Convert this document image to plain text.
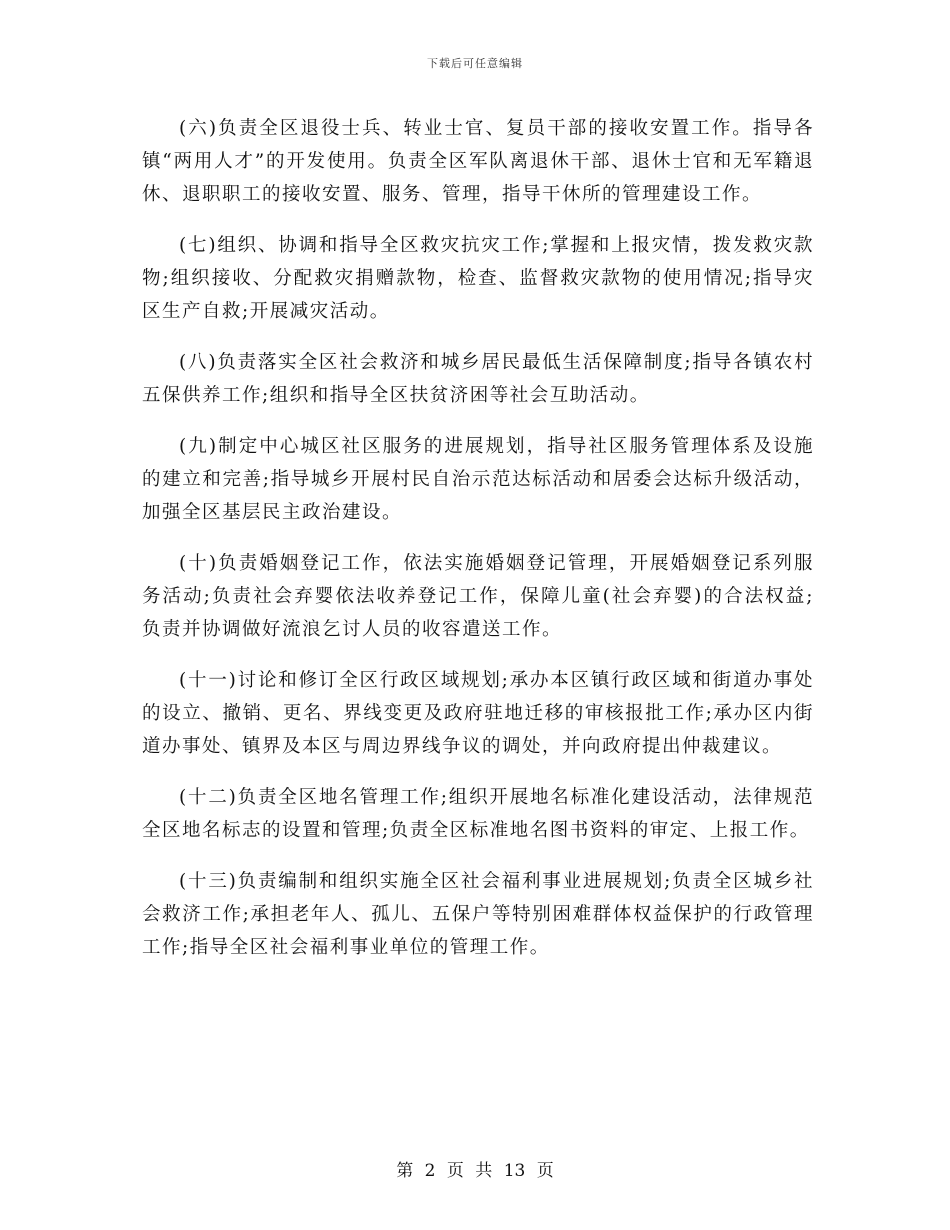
下载后可任意编辑

(六)负责全区退役士兵、转业士官、复员干部的接收安置工作。指导各镇“两用人才”的开发使用。负责全区军队离退休干部、退休士官和无军籍退休、退职职工的接收安置、服务、管理，指导干休所的管理建设工作。

(七)组织、协调和指导全区救灾抗灾工作;掌握和上报灾情，拨发救灾款物;组织接收、分配救灾捐赠款物，检查、监督救灾款物的使用情况;指导灾区生产自救;开展减灾活动。

(八)负责落实全区社会救济和城乡居民最低生活保障制度;指导各镇农村五保供养工作;组织和指导全区扶贫济困等社会互助活动。

(九)制定中心城区社区服务的进展规划，指导社区服务管理体系及设施的建立和完善;指导城乡开展村民自治示范达标活动和居委会达标升级活动，加强全区基层民主政治建设。

(十)负责婚姻登记工作，依法实施婚姻登记管理，开展婚姻登记系列服务活动;负责社会弃婴依法收养登记工作，保障儿童(社会弃婴)的合法权益;负责并协调做好流浪乞讨人员的收容遣送工作。

(十一)讨论和修订全区行政区域规划;承办本区镇行政区域和街道办事处的设立、撤销、更名、界线变更及政府驻地迁移的审核报批工作;承办区内街道办事处、镇界及本区与周边界线争议的调处，并向政府提出仲裁建议。

(十二)负责全区地名管理工作;组织开展地名标准化建设活动，法律规范全区地名标志的设置和管理;负责全区标准地名图书资料的审定、上报工作。

(十三)负责编制和组织实施全区社会福利事业进展规划;负责全区城乡社会救济工作;承担老年人、孤儿、五保户等特别困难群体权益保护的行政管理工作;指导全区社会福利事业单位的管理工作。

第 2 页 共 13 页
